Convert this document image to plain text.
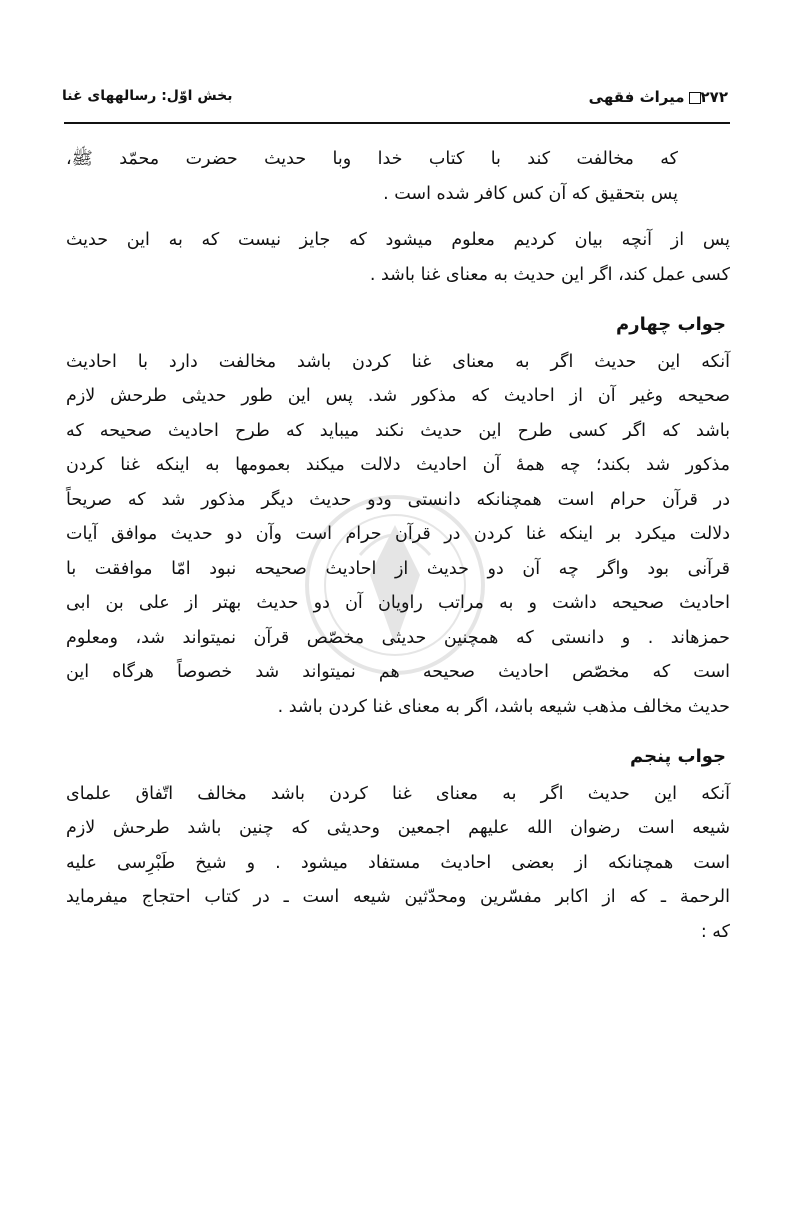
۲۷۲میراث فقهی
بخش اوّل: رسالههای غنا
که مخالفت کند با کتاب خدا وبا حدیث حضرت محمّد ﷺ،
پس بتحقیق که آن کس کافر شده است .
پس از آنچه بیان کردیم معلوم میشود که جایز نیست که به این حدیث
کسی عمل کند، اگر این حدیث به معنای غنا باشد .
جواب چهارم
آنکه این حدیث اگر به معنای غنا کردن باشد مخالفت دارد با احادیث
صحیحه وغیر آن از احادیث که مذکور شد. پس این طور حدیثی طرحش لازم
باشد که اگر کسی طرح این حدیث نکند میباید که طرح احادیث صحیحه که
مذکور شد بکند؛ چه همهٔ آن احادیث دلالت میکند بعمومها به اینکه غنا کردن
در قرآن حرام است همچنانکه دانستی ودو حدیث دیگر مذکور شد که صریحاً
دلالت میکرد بر اینکه غنا کردن در قرآن حرام است وآن دو حدیث موافق آیات
قرآنی بود واگر چه آن دو حدیث از احادیث صحیحه نبود امّا موافقت با
احادیث صحیحه داشت و به مراتب راویان آن دو حدیث بهتر از علی بن ابی
حمزهاند . و دانستی که همچنین حدیثی مخصّص قرآن نمیتواند شد، ومعلوم
است که مخصّص احادیث صحیحه هم نمیتواند شد خصوصاً هرگاه این
حدیث مخالف مذهب شیعه باشد، اگر به معنای غنا کردن باشد .
جواب پنجم
آنکه این حدیث اگر به معنای غنا کردن باشد مخالف اتّفاق علمای
شیعه است رضوان الله علیهم اجمعین وحدیثی که چنین باشد طرحش لازم
است همچنانکه از بعضی احادیث مستفاد میشود . و شیخ طَبْرِسی علیه
الرحمة ـ که از اکابر مفسّرین ومحدّثین شیعه است ـ در کتاب احتجاج میفرماید
که :
